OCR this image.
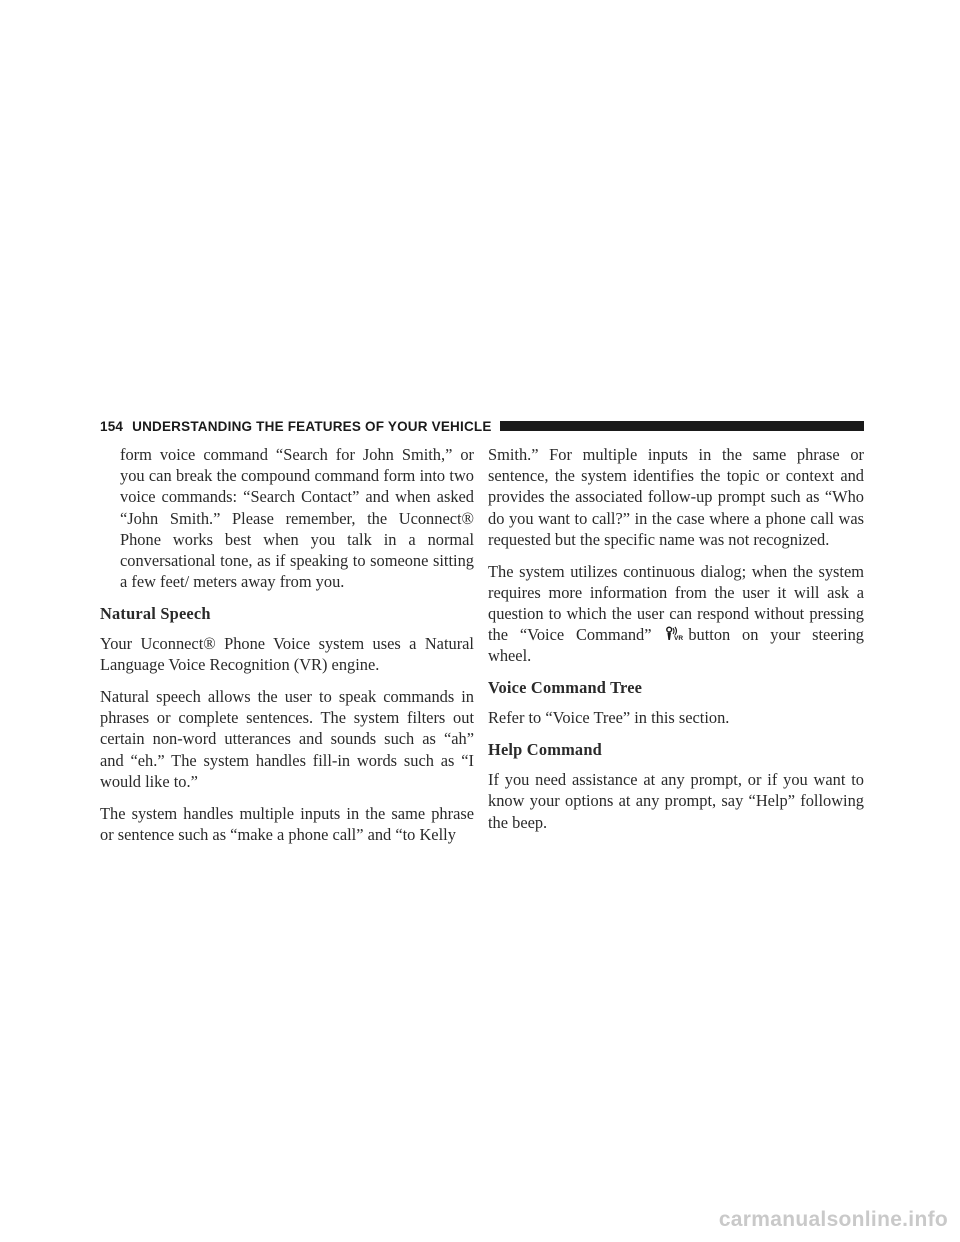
154 UNDERSTANDING THE FEATURES OF YOUR VEHICLE

form voice command “Search for John Smith,” or you can break the compound command form into two voice commands: “Search Contact” and when asked “John Smith.” Please remember, the Uconnect® Phone works best when you talk in a normal conversational tone, as if speaking to someone sitting a few feet/ meters away from you.

Natural Speech

Your Uconnect® Phone Voice system uses a Natural Language Voice Recognition (VR) engine.

Natural speech allows the user to speak commands in phrases or complete sentences. The system filters out certain non-word utterances and sounds such as “ah” and “eh.” The system handles fill-in words such as “I would like to.”

The system handles multiple inputs in the same phrase or sentence such as “make a phone call” and “to Kelly

Smith.” For multiple inputs in the same phrase or sentence, the system identifies the topic or context and provides the associated follow-up prompt such as “Who do you want to call?” in the case where a phone call was requested but the specific name was not recognized.

The system utilizes continuous dialog; when the system requires more information from the user it will ask a question to which the user can respond without pressing the “Voice Command” VR button on your steering wheel.

Voice Command Tree

Refer to “Voice Tree” in this section.

Help Command

If you need assistance at any prompt, or if you want to know your options at any prompt, say “Help” following the beep.

carmanualsonline.info
